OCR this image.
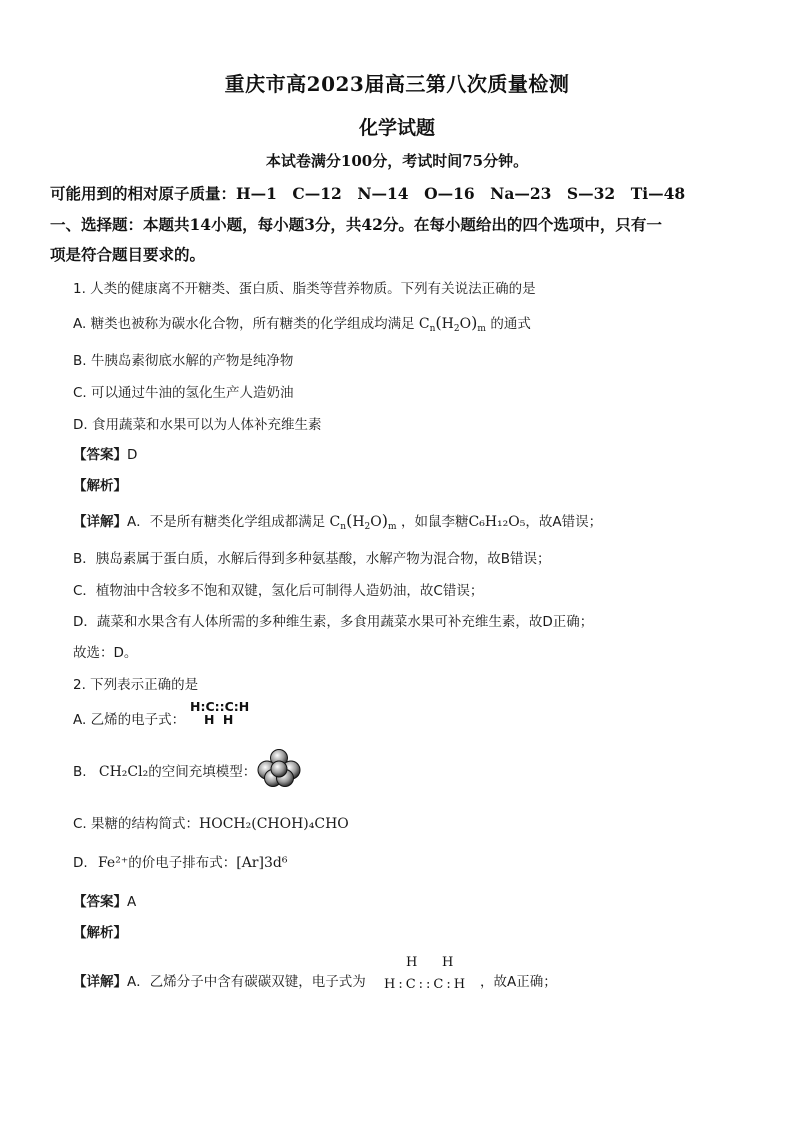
重庆市高2023届高三第八次质量检测
化学试题
本试卷满分100分，考试时间75分钟。
可能用到的相对原子质量：H—1　C—12　N—14　O—16　Na—23　S—32　Ti—48
一、选择题：本题共14小题，每小题3分，共42分。在每小题给出的四个选项中，只有一
项是符合题目要求的。
1. 人类的健康离不开糖类、蛋白质、脂类等营养物质。下列有关说法正确的是
A. 糖类也被称为碳水化合物，所有糖类的化学组成均满足 $C_n(H_2O)_m$ 的通式
B. 牛胰岛素彻底水解的产物是纯净物
C. 可以通过牛油的氢化生产人造奶油
D. 食用蔬菜和水果可以为人体补充维生素
【答案】D
【解析】
【详解】A．不是所有糖类化学组成都满足 $C_n(H_2O)_m$ ，如鼠李糖C₆H₁₂O₅，故A错误；
B．胰岛素属于蛋白质，水解后得到多种氨基酸，水解产物为混合物，故B错误；
C．植物油中含较多不饱和双键，氢化后可制得人造奶油，故C错误；
D．蔬菜和水果含有人体所需的多种维生素，多食用蔬菜水果可补充维生素，故D正确；
故选：D。
2. 下列表示正确的是
A. 乙烯的电子式：
H:C::C:H
H H
B. CH₂Cl₂的空间充填模型：
C. 果糖的结构简式：HOCH₂(CHOH)₄CHO
D. Fe²⁺的价电子排布式：[Ar]3d⁶
【答案】A
【解析】
【详解】A．乙烯分子中含有碳碳双键，电子式为
H H
H:C::C:H ，故A正确；
